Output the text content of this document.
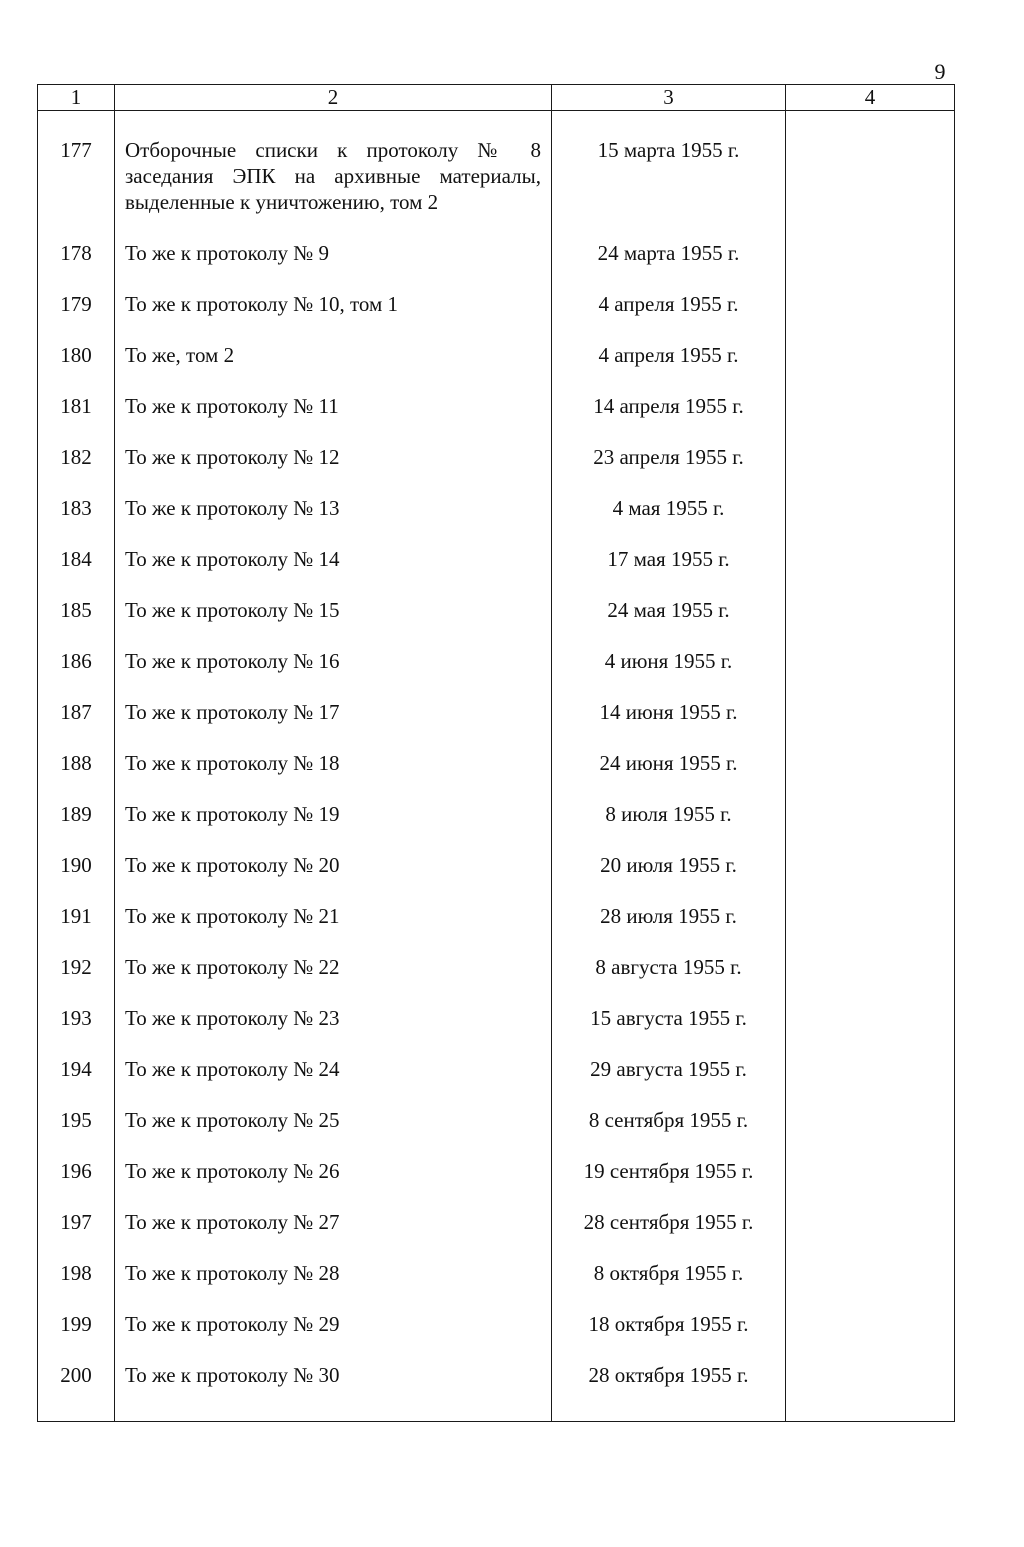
9
1	2	3	4
177	Отборочные списки к протоколу № 8 заседания ЭПК на архивные материалы, выделенные к уничтожению, том 2	15 марта 1955 г.	
178	То же к протоколу № 9	24 марта 1955 г.	
179	То же к протоколу № 10, том 1	4 апреля 1955 г.	
180	То же, том 2	4 апреля 1955 г.	
181	То же к протоколу № 11	14 апреля 1955 г.	
182	То же к протоколу № 12	23 апреля 1955 г.	
183	То же к протоколу № 13	4 мая 1955 г.	
184	То же к протоколу № 14	17 мая 1955 г.	
185	То же к протоколу № 15	24 мая 1955 г.	
186	То же к протоколу № 16	4 июня 1955 г.	
187	То же к протоколу № 17	14 июня 1955 г.	
188	То же к протоколу № 18	24 июня 1955 г.	
189	То же к протоколу № 19	8 июля 1955 г.	
190	То же к протоколу № 20	20 июля 1955 г.	
191	То же к протоколу № 21	28 июля 1955 г.	
192	То же к протоколу № 22	8 августа 1955 г.	
193	То же к протоколу № 23	15 августа 1955 г.	
194	То же к протоколу № 24	29 августа 1955 г.	
195	То же к протоколу № 25	8 сентября 1955 г.	
196	То же к протоколу № 26	19 сентября 1955 г.	
197	То же к протоколу № 27	28 сентября 1955 г.	
198	То же к протоколу № 28	8 октября 1955 г.	
199	То же к протоколу № 29	18 октября 1955 г.	
200	То же к протоколу № 30	28 октября 1955 г.	
